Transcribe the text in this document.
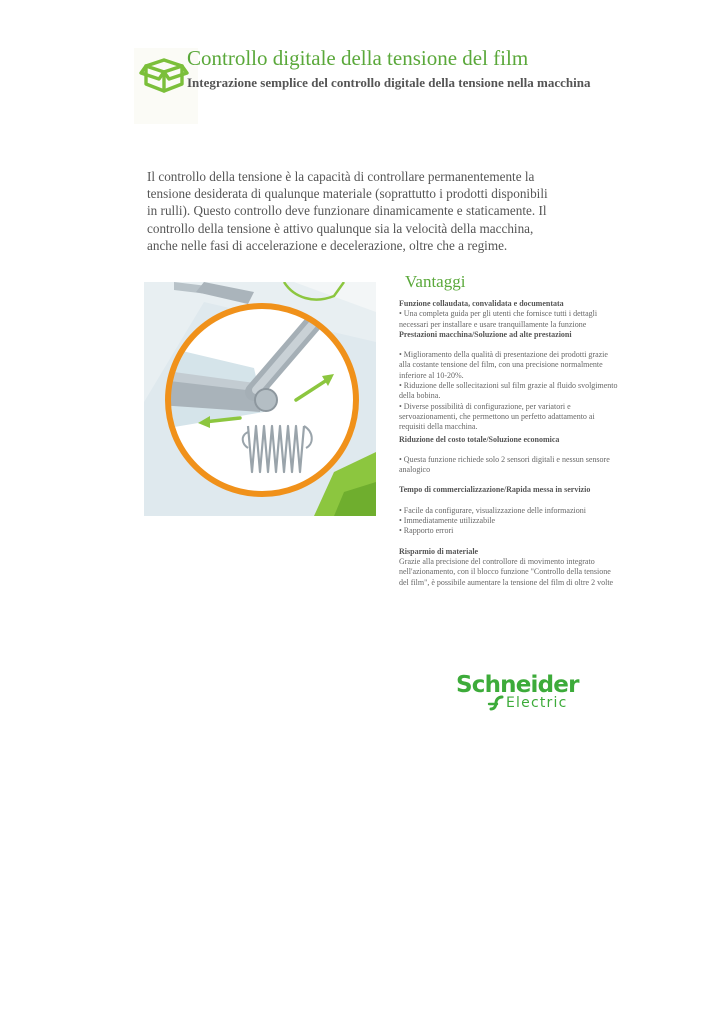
Controllo digitale della tensione del film
Integrazione semplice del controllo digitale della tensione nella macchina

Il controllo della tensione è la capacità di controllare permanentemente la tensione desiderata di qualunque materiale (soprattutto i prodotti disponibili in rulli). Questo controllo deve funzionare dinamicamente e staticamente. Il controllo della tensione è attivo qualunque sia la velocità della macchina, anche nelle fasi di accelerazione e decelerazione, oltre che a regime.

Vantaggi
Funzione collaudata, convalidata e documentata
• Una completa guida per gli utenti che fornisce tutti i dettagli necessari per installare e usare tranquillamente la funzione
Prestazioni macchina/Soluzione ad alte prestazioni
• Miglioramento della qualità di presentazione dei prodotti grazie alla costante tensione del film, con una precisione normalmente inferiore al 10-20%.
• Riduzione delle sollecitazioni sul film grazie al fluido svolgimento della bobina.
• Diverse possibilità di configurazione, per variatori e servoazionamenti, che permettono un perfetto adattamento ai requisiti della macchina.
Riduzione del costo totale/Soluzione economica
• Questa funzione richiede solo 2 sensori digitali e nessun sensore analogico
Tempo di commercializzazione/Rapida messa in servizio
• Facile da configurare, visualizzazione delle informazioni
• Immediatamente utilizzabile
• Rapporto errori
Risparmio di materiale
Grazie alla precisione del controllore di movimento integrato nell'azionamento, con il blocco funzione "Controllo della tensione del film", è possibile aumentare la tensione del film di oltre 2 volte
Schneider
Electric
